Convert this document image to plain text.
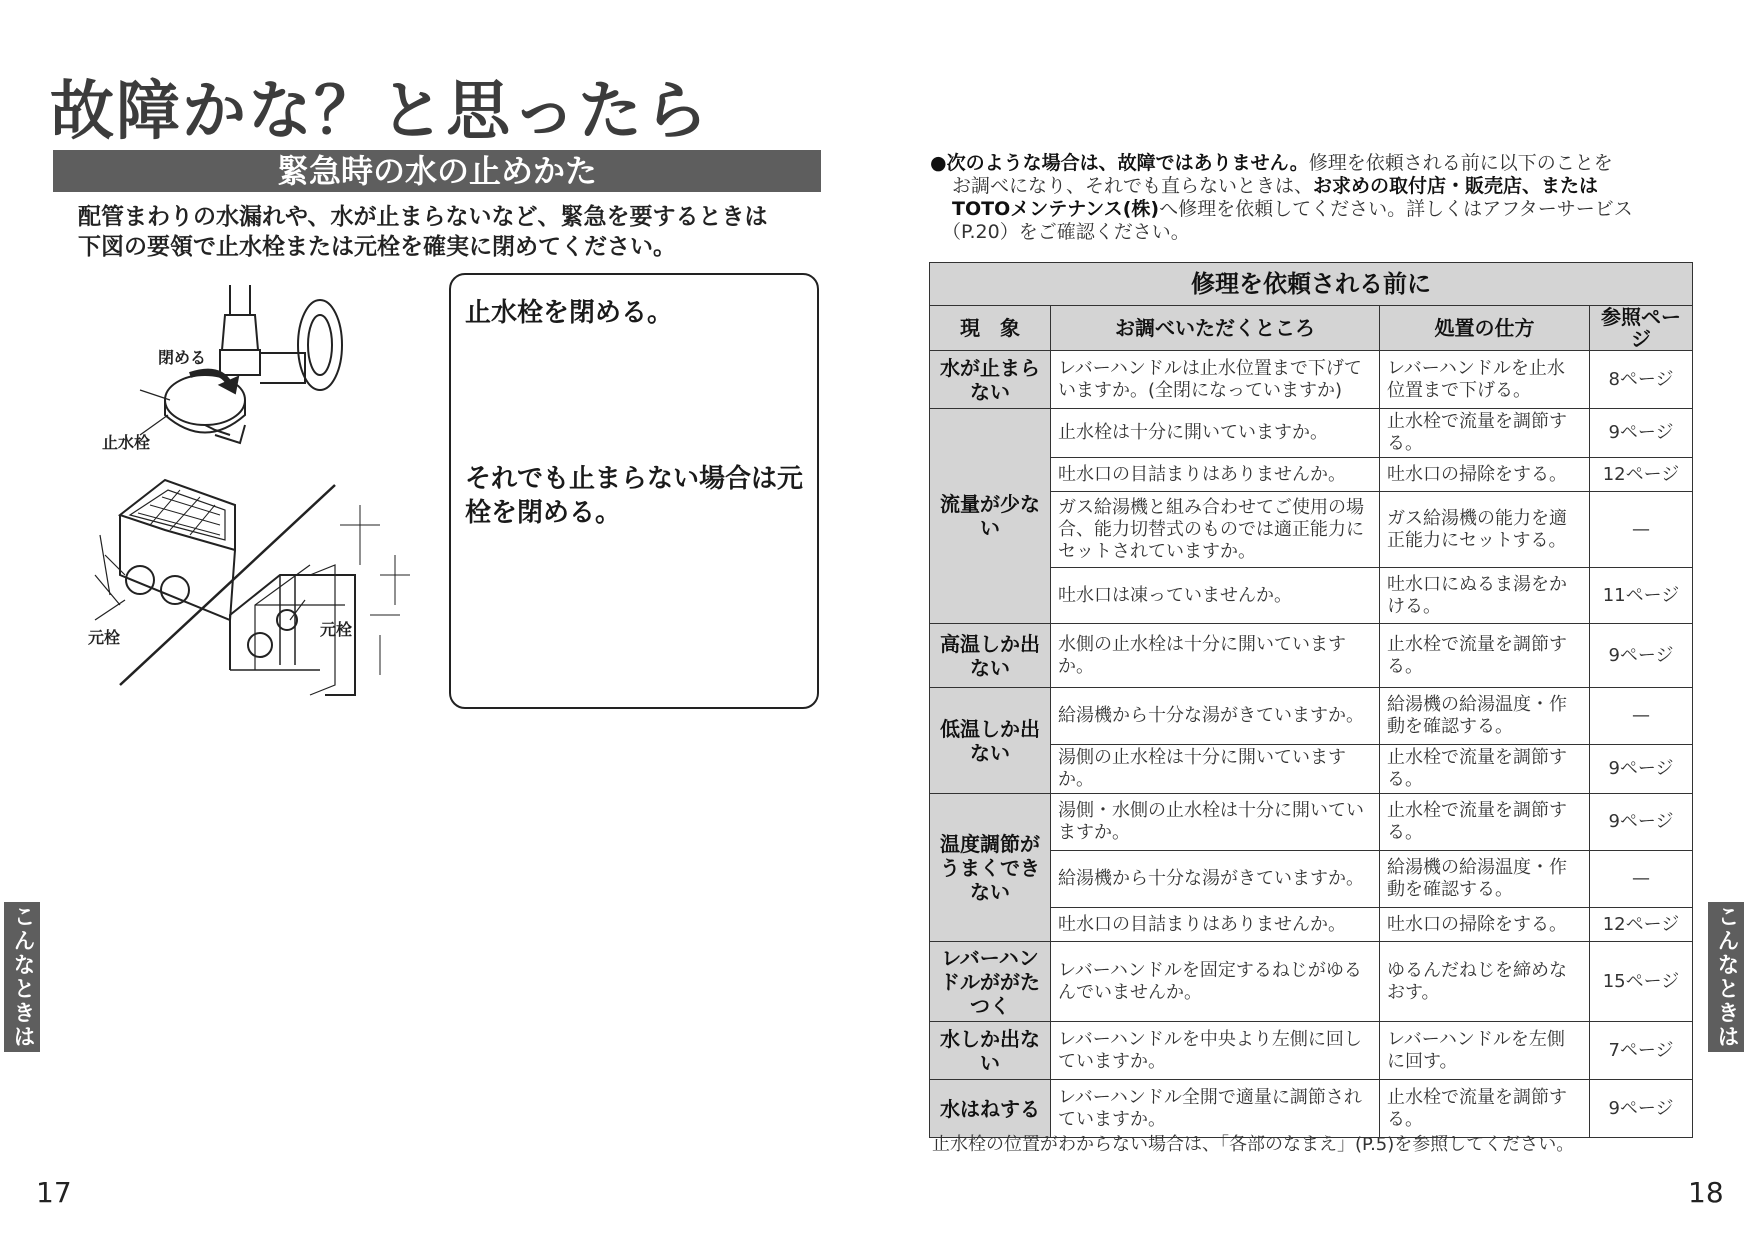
故障かな？と思ったら
緊急時の水の止めかた
配管まわりの水漏れや、水が止まらないなど、緊急を要するときは
下図の要領で止水栓または元栓を確実に閉めてください。
閉める
止水栓
元栓	元栓
止水栓を閉める。
それでも止まらない場合は元栓を閉める。
こんなときは
17
●次のような場合は、故障ではありません。修理を依頼される前に以下のことを
お調べになり、それでも直らないときは、お求めの取付店・販売店、または
TOTOメンテナンス(株)へ修理を依頼してください。詳しくはアフターサービス
（P.20）をご確認ください。
修理を依頼される前に			
現　象	お調べいただくところ	処置の仕方	参照ページ
水が止まらない	レバーハンドルは止水位置まで下げていますか。(全閉になっていますか)	レバーハンドルを止水位置まで下げる。	8ページ
流量が少ない	止水栓は十分に開いていますか。	止水栓で流量を調節する。	9ページ
	吐水口の目詰まりはありませんか。	吐水口の掃除をする。	12ページ
	ガス給湯機と組み合わせてご使用の場合、能力切替式のものでは適正能力にセットされていますか。	ガス給湯機の能力を適正能力にセットする。	—
	吐水口は凍っていませんか。	吐水口にぬるま湯をかける。	11ページ
高温しか出ない	水側の止水栓は十分に開いていますか。	止水栓で流量を調節する。	9ページ
低温しか出ない	給湯機から十分な湯がきていますか。	給湯機の給湯温度・作動を確認する。	—
	湯側の止水栓は十分に開いていますか。	止水栓で流量を調節する。	9ページ
温度調節がうまくできない	湯側・水側の止水栓は十分に開いていますか。	止水栓で流量を調節する。	9ページ
	給湯機から十分な湯がきていますか。	給湯機の給湯温度・作動を確認する。	—
	吐水口の目詰まりはありませんか。	吐水口の掃除をする。	12ページ
レバーハンドルががたつく	レバーハンドルを固定するねじがゆるんでいませんか。	ゆるんだねじを締めなおす。	15ページ
水しか出ない	レバーハンドルを中央より左側に回していますか。	レバーハンドルを左側に回す。	7ページ
水はねする	レバーハンドル全開で適量に調節されていますか。	止水栓で流量を調節する。	9ページ
止水栓の位置がわからない場合は、「各部のなまえ」(P.5)を参照してください。
こんなときは
18
